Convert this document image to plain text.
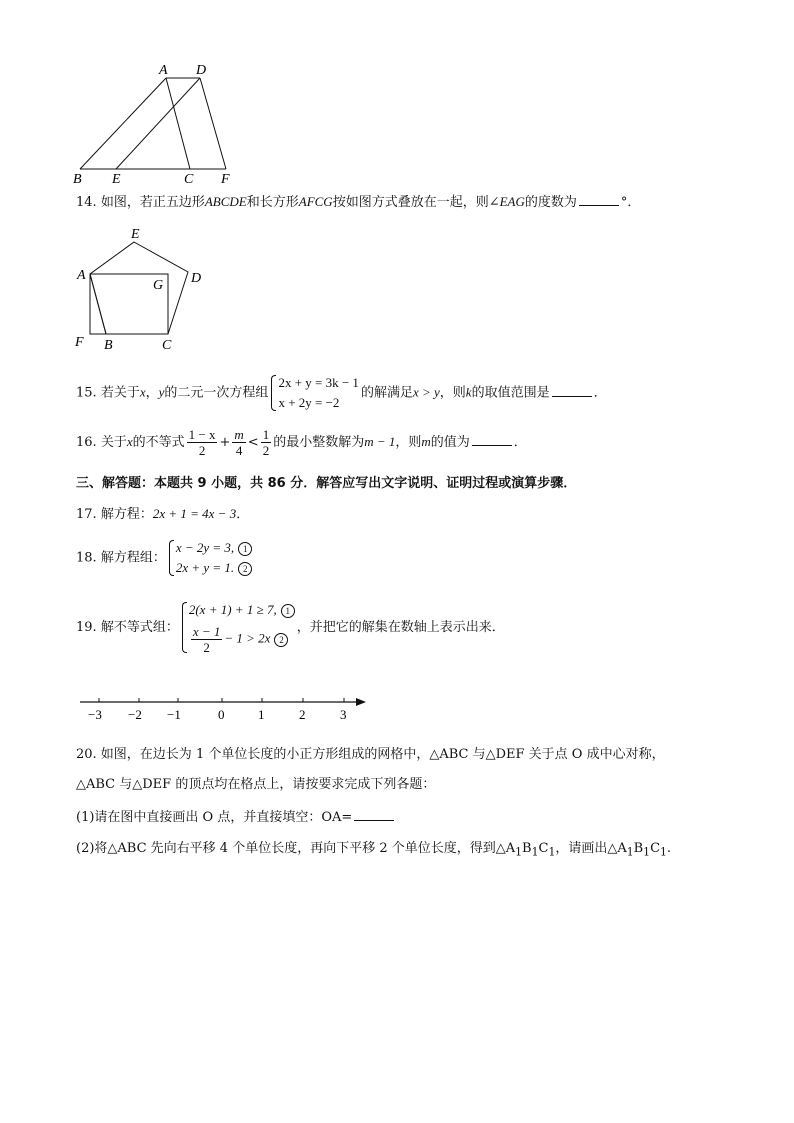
A D
B E	C F
14. 如图，若正五边形ABCDE和长方形AFCG按如图方式叠放在一起，则∠EAG的度数为	°．
E
A	D
G
F B	C
15. 若关于x，y的二元一次方程组
2x + y = 3k − 1
x + 2y = −2
的解满足x > y，则k的取值范围是	．
16. 关于x的不等式 $\frac{1 - x}{2} + \frac{m}{4} < \frac{1}{2}$ 的最小整数解为m − 1，则m的值为	．
三、解答题：本题共 9 小题，共 86 分．解答应写出文字说明、证明过程或演算步骤．
17. 解方程：2x + 1 = 4x − 3．
18. 解方程组：
x − 2y = 3, 1
2x + y = 1. 2
19. 解不等式组：
2(x + 1) + 1 ≥ 7, 1
$\frac{x - 1}{2} - 1 > 2x$ 2
，并把它的解集在数轴上表示出来．
−3 −2 −1	0	1	2	3
20. 如图，在边长为 1 个单位长度的小正方形组成的网格中，△ABC 与△DEF 关于点 O 成中心对称，
△ABC 与△DEF 的顶点均在格点上，请按要求完成下列各题：
(1)请在图中直接画出 O 点，并直接填空：OA=
(2)将△ABC 先向右平移 4 个单位长度，再向下平移 2 个单位长度，得到$\triangle A_1B_1C_1$，请画出$\triangle A_1B_1C_1$.
